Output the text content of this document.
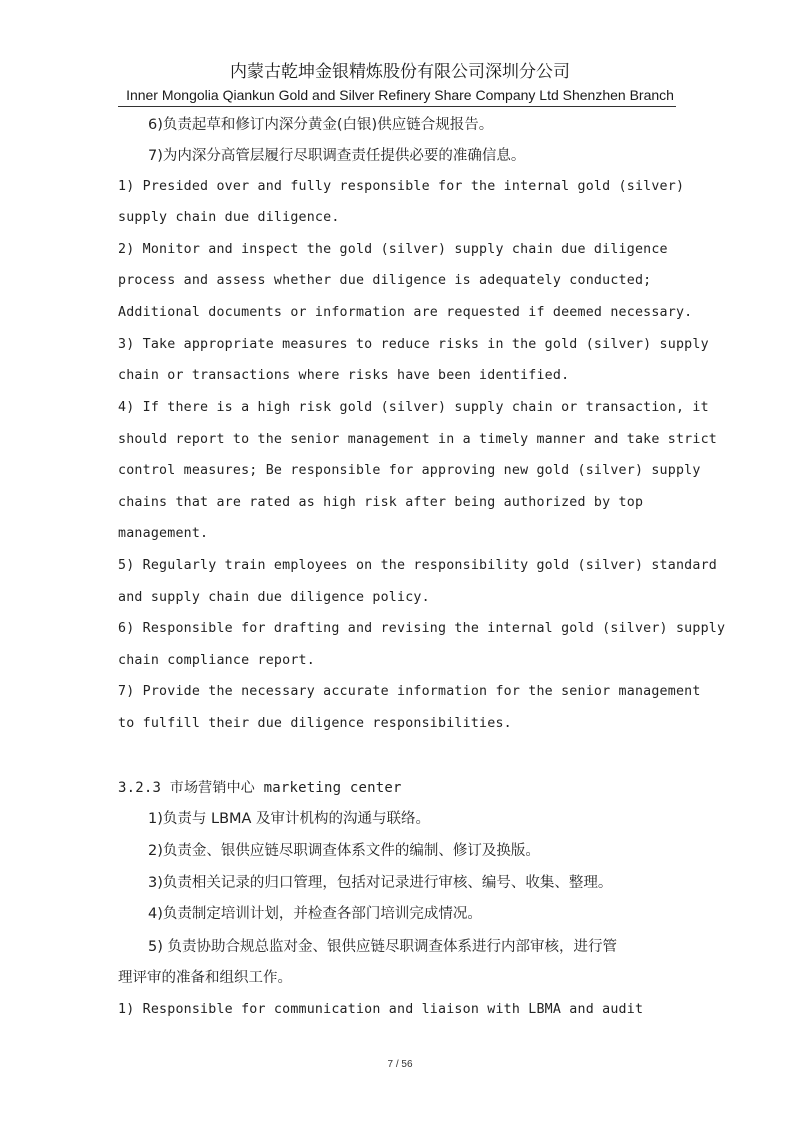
内蒙古乾坤金银精炼股份有限公司深圳分公司
Inner Mongolia Qiankun Gold and Silver Refinery Share Company Ltd Shenzhen Branch
6)负责起草和修订内深分黄金(白银)供应链合规报告。
7)为内深分高管层履行尽职调查责任提供必要的准确信息。
1) Presided over and fully responsible for the internal gold (silver)
supply chain due diligence.
2) Monitor and inspect the gold (silver) supply chain due diligence
process and assess whether due diligence is adequately conducted;
Additional documents or information are requested if deemed necessary.
3) Take appropriate measures to reduce risks in the gold (silver) supply
chain or transactions where risks have been identified.
4) If there is a high risk gold (silver) supply chain or transaction, it
should report to the senior management in a timely manner and take strict
control measures; Be responsible for approving new gold (silver) supply
chains that are rated as high risk after being authorized by top
management.
5) Regularly train employees on the responsibility gold (silver) standard
and supply chain due diligence policy.
6) Responsible for drafting and revising the internal gold (silver) supply
chain compliance report.
7) Provide the necessary accurate information for the senior management
to fulfill their due diligence responsibilities.
3.2.3 市场营销中心 marketing center
1)负责与 LBMA 及审计机构的沟通与联络。
2)负责金、银供应链尽职调查体系文件的编制、修订及换版。
3)负责相关记录的归口管理，包括对记录进行审核、编号、收集、整理。
4)负责制定培训计划，并检查各部门培训完成情况。
5) 负责协助合规总监对金、银供应链尽职调查体系进行内部审核，进行管
理评审的准备和组织工作。
1) Responsible for communication and liaison with LBMA and audit
7 / 56
